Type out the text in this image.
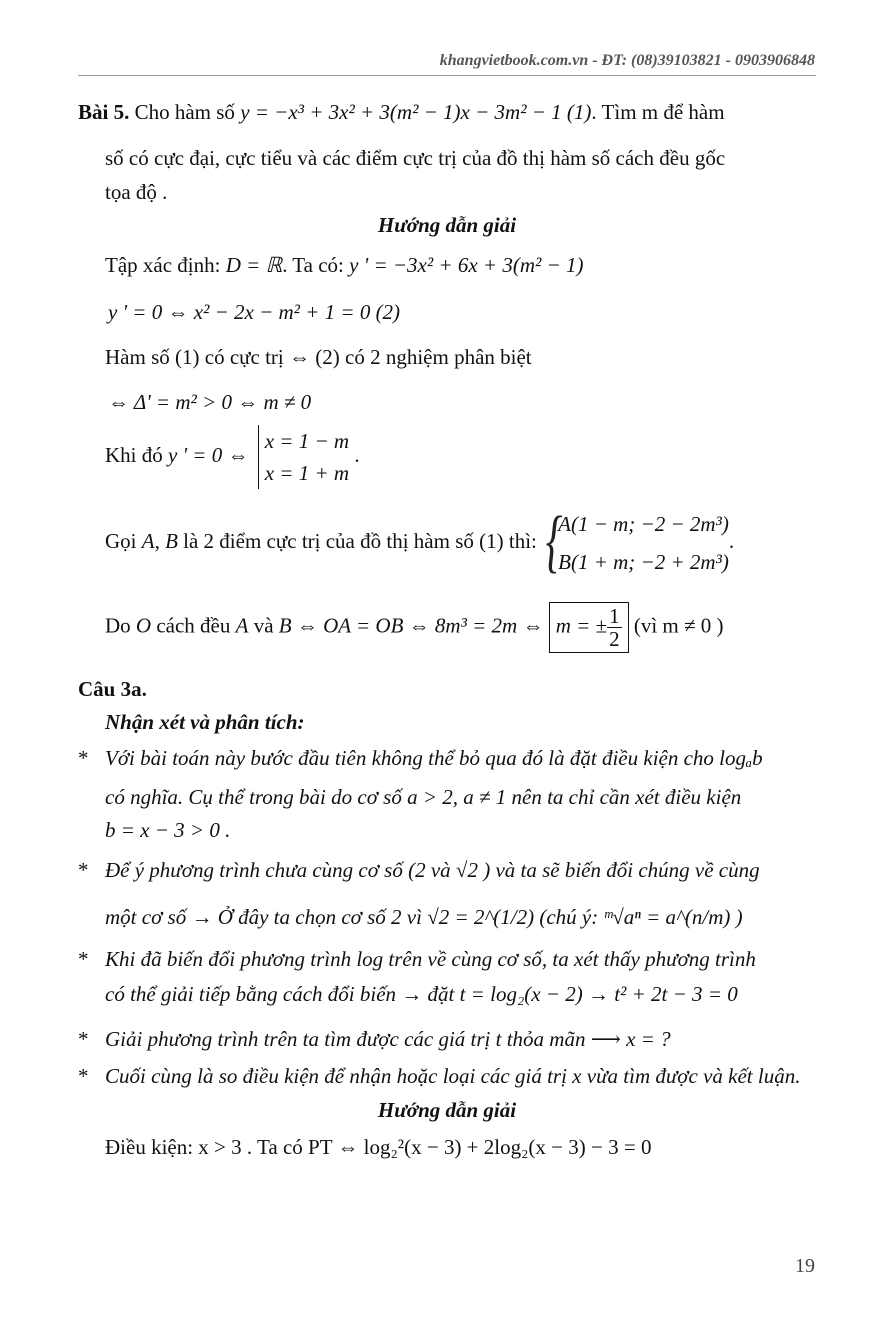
khangvietbook.com.vn - ĐT: (08)39103821 - 0903906848
Bài 5. Cho hàm số y = −x³ + 3x² + 3(m² − 1)x − 3m² − 1 (1). Tìm m để hàm
số có cực đại, cực tiểu và các điểm cực trị của đồ thị hàm số cách đều gốc
tọa độ .
Hướng dẫn giải
Tập xác định: D = ℝ. Ta có: y ' = −3x² + 6x + 3(m² − 1)
y ' = 0 ⇔ x² − 2x − m² + 1 = 0 (2)
Hàm số (1) có cực trị ⇔ (2) có 2 nghiệm phân biệt
⇔ Δ' = m² > 0 ⇔ m ≠ 0
Khi đó y ' = 0 ⇔
x = 1 − m
x = 1 + m
.
Gọi A, B là 2 điểm cực trị của đồ thị hàm số (1) thì:
{ A(1 − m; −2 − 2m³)
B(1 + m; −2 + 2m³)
.
Do O cách đều A và B ⇔ OA = OB ⇔ 8m³ = 2m ⇔ m = ± $\frac{1}{2}$ (vì m ≠ 0 )
Câu 3a.
Nhận xét và phân tích:
* Với bài toán này bước đầu tiên không thể bỏ qua đó là đặt điều kiện cho logₐb
có nghĩa. Cụ thể trong bài do cơ số a > 2, a ≠ 1 nên ta chỉ cần xét điều kiện
b = x − 3 > 0 .
* Để ý phương trình chưa cùng cơ số (2 và √2 ) và ta sẽ biến đổi chúng về cùng
một cơ số → Ở đây ta chọn cơ số 2 vì √2 = 2^(1/2) (chú ý: ᵐ√aⁿ = a^(n/m) )
* Khi đã biến đổi phương trình log trên về cùng cơ số, ta xét thấy phương trình
có thể giải tiếp bằng cách đổi biến → đặt t = log₂(x − 2) → t² + 2t − 3 = 0
* Giải phương trình trên ta tìm được các giá trị t thỏa mãn ⟶ x = ?
* Cuối cùng là so điều kiện để nhận hoặc loại các giá trị x vừa tìm được và kết luận.
Hướng dẫn giải
Điều kiện: x > 3 . Ta có PT ⇔ log₂²(x − 3) + 2log₂(x − 3) − 3 = 0
19
